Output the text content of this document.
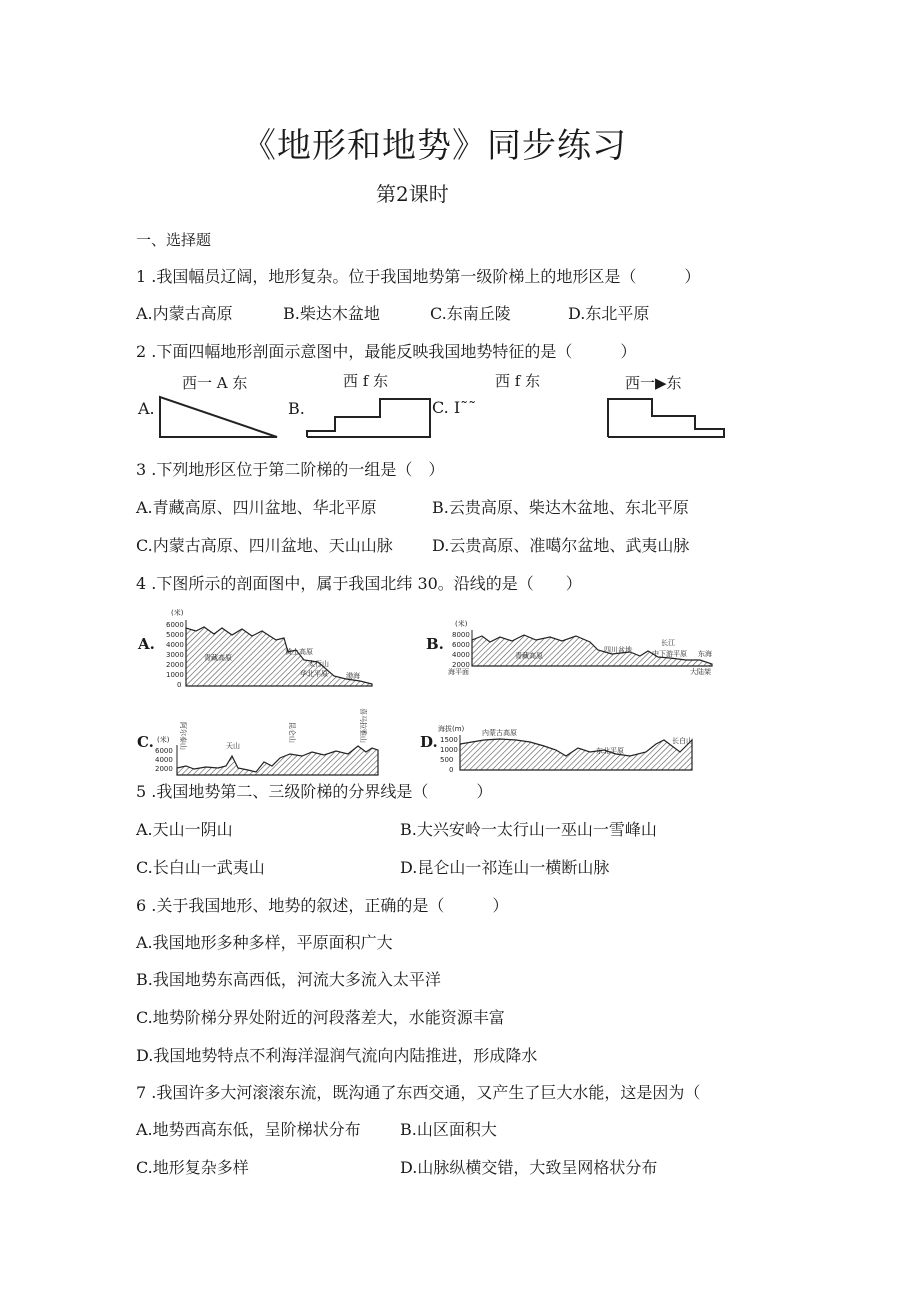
《地形和地势》同步练习
第2课时
一、选择题
1 .我国幅员辽阔，地形复杂。位于我国地势第一级阶梯上的地形区是（　　　）
A.内蒙古高原	B.柴达木盆地	C.东南丘陵	D.东北平原
2 .下面四幅地形剖面示意图中，最能反映我国地势特征的是（　　　）
西一 A 东	西 f 东	西 f 东	西一▶东
A.	B.	C. I˜˜
3 .下列地形区位于第二阶梯的一组是（　）
A.青藏高原、四川盆地、华北平原	B.云贵高原、柴达木盆地、东北平原
C.内蒙古高原、四川盆地、天山山脉 D.云贵高原、准噶尔盆地、武夷山脉
4 .下图所示的剖面图中，属于我国北纬 30。沿线的是（　　）
A.
(米)
6000
5000
4000
3000
2000
1000
0
青藏高原
黄土高原
太行山
华北平原	渤海
B.
(米)
8000
6000
4000
2000
海平面
青藏高原
四川盆地
长江
中下游平原 东海
大陆架
C. (米)
6000
4000
2000
阿尔泰山	天山
昆仑山	喜马拉雅山	D.
海拔(m)
1500
1000
500
0
内蒙古高原
东北平原
长白山
5 .我国地势第二、三级阶梯的分界线是（　　　）
A.天山一阴山	B.大兴安岭一太行山一巫山一雪峰山
C.长白山一武夷山	D.昆仑山一祁连山一横断山脉
6 .关于我国地形、地势的叙述，正确的是（　　　）
A.我国地形多种多样，平原面积广大
B.我国地势东高西低，河流大多流入太平洋
C.地势阶梯分界处附近的河段落差大，水能资源丰富
D.我国地势特点不利海洋湿润气流向内陆推进，形成降水
7 .我国许多大河滚滚东流，既沟通了东西交通，又产生了巨大水能，这是因为（
A.地势西高东低，呈阶梯状分布 B.山区面积大
C.地形复杂多样	D.山脉纵横交错，大致呈网格状分布
